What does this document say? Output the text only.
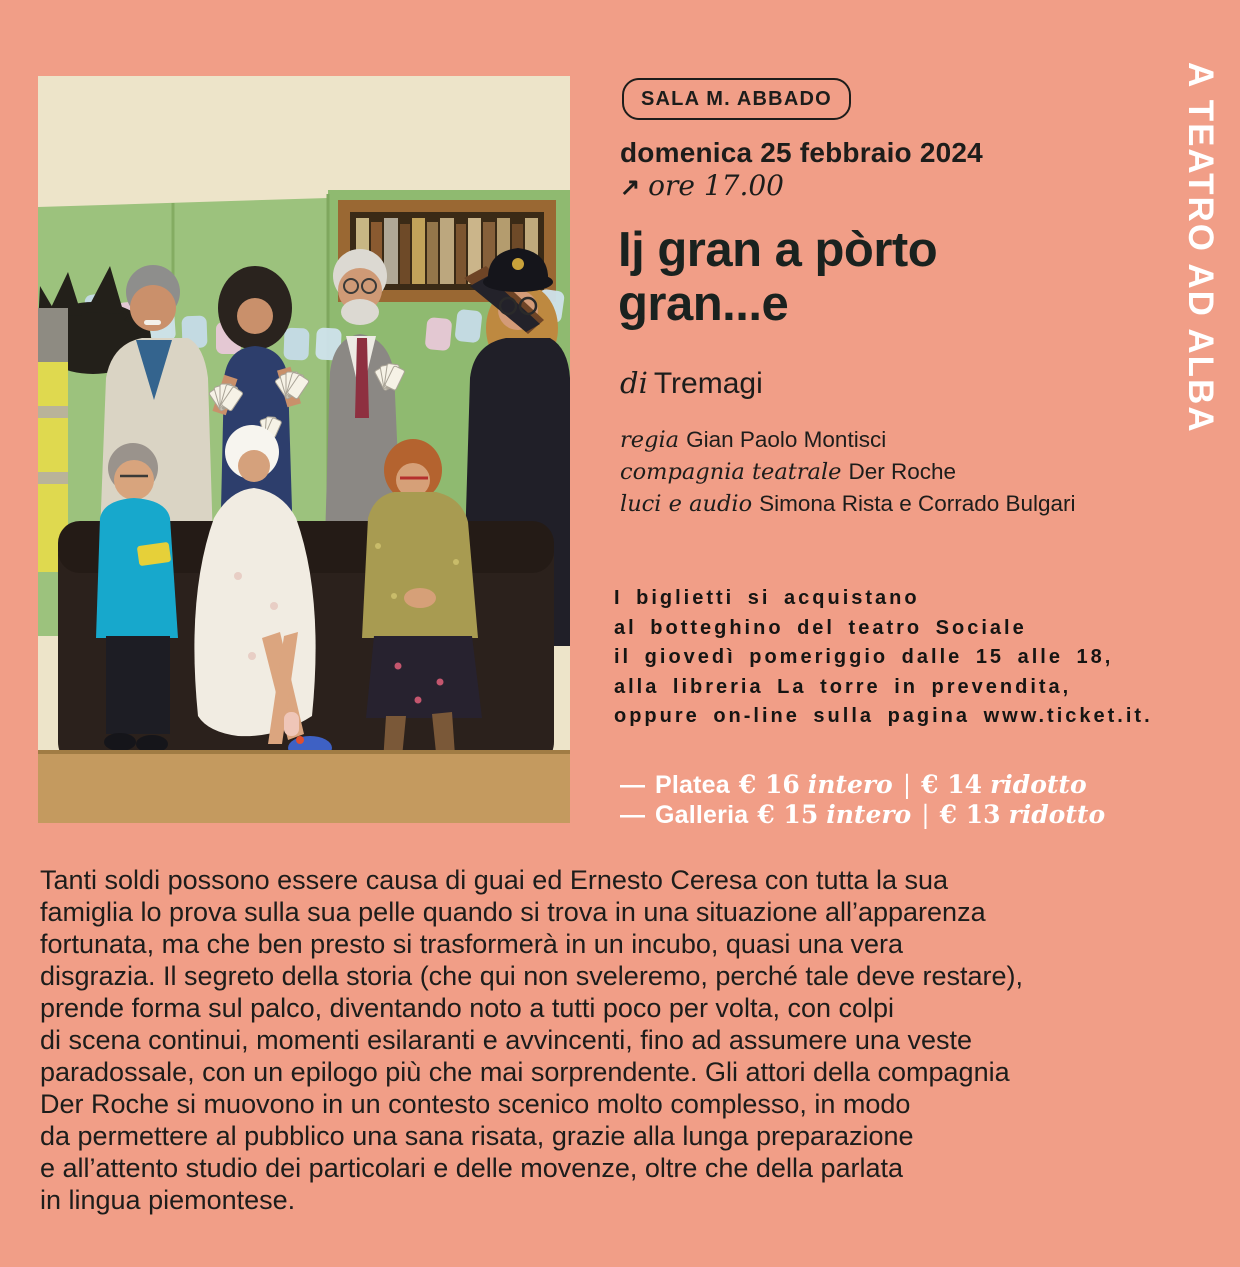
SALA M. ABBADO
domenica 25 febbraio 2024
↗ ore 17.00
Ij gran a pòrto
gran...e
di Tremagi
regia Gian Paolo Montisci
compagnia teatrale Der Roche
luci e audio Simona Rista e Corrado Bulgari
I biglietti si acquistano
al botteghino del teatro Sociale
il giovedì pomeriggio dalle 15 alle 18,
alla libreria La torre in prevendita,
oppure on-line sulla pagina www.ticket.it.
— Platea € 16 intero | € 14 ridotto
— Galleria € 15 intero | € 13 ridotto
A TEATRO AD ALBA
Tanti soldi possono essere causa di guai ed Ernesto Ceresa con tutta la sua
famiglia lo prova sulla sua pelle quando si trova in una situazione all’apparenza
fortunata, ma che ben presto si trasformerà in un incubo, quasi una vera
disgrazia. Il segreto della storia (che qui non sveleremo, perché tale deve restare),
prende forma sul palco, diventando noto a tutti poco per volta, con colpi
di scena continui, momenti esilaranti e avvincenti, fino ad assumere una veste
paradossale, con un epilogo più che mai sorprendente. Gli attori della compagnia
Der Roche si muovono in un contesto scenico molto complesso, in modo
da permettere al pubblico una sana risata, grazie alla lunga preparazione
e all’attento studio dei particolari e delle movenze, oltre che della parlata
in lingua piemontese.
